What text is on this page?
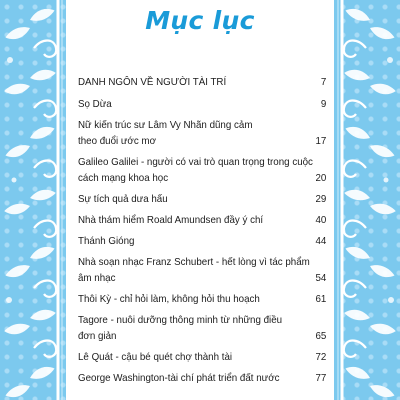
Mục lục
DANH NGÔN VỀ NGƯỜI TÀI TRÍ	7
Sọ Dừa	9
Nữ kiến trúc sư Lâm Vy Nhãn dũng cảm
theo đuổi ước mơ	17
Galileo Galilei - người có vai trò quan trọng trong cuộc
cách mạng khoa học	20
Sự tích quả dưa hấu	29
Nhà thám hiểm Roald Amundsen đầy ý chí	40
Thánh Gióng	44
Nhà soạn nhạc Franz Schubert - hết lòng vì tác phẩm
âm nhạc	54
Thôi Kỳ - chỉ hỏi làm, không hỏi thu hoạch	61
Tagore - nuôi dưỡng thông minh từ những điều
đơn giản	65
Lê Quát - cậu bé quét chợ thành tài	72
George Washington-tài chí phát triển đất nước	77
